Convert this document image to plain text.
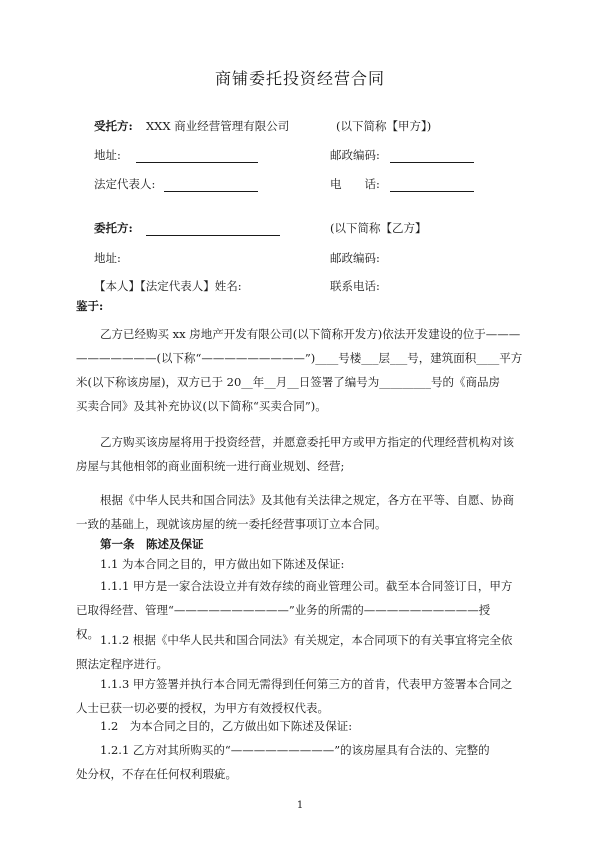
商铺委托投资经营合同
受托方: XXX 商业经营管理有限公司	(以下简称【甲方】)
地址:	邮政编码:
法定代表人:	电　　话:
委托方:	(以下简称【乙方】
地址:	邮政编码:
【本人】【法定代表人】姓名:	联系电话:
鉴于:
乙方已经购买 xx 房地产开发有限公司(以下简称开发方)依法开发建设的位于———
———————(以下称“—————————”)____号楼___层___号，建筑面积____平方
米(以下称该房屋)，双方已于 20__年__月__日签署了编号为_________号的《商品房
买卖合同》及其补充协议(以下简称“买卖合同”)。
乙方购买该房屋将用于投资经营，并愿意委托甲方或甲方指定的代理经营机构对该
房屋与其他相邻的商业面积统一进行商业规划、经营;
根据《中华人民共和国合同法》及其他有关法律之规定，各方在平等、自愿、协商
一致的基础上，现就该房屋的统一委托经营事项订立本合同。
第一条　陈述及保证
1.1 为本合同之目的，甲方做出如下陈述及保证:
1.1.1 甲方是一家合法设立并有效存续的商业管理公司。截至本合同签订日，甲方
已取得经营、管理“——————————”业务的所需的——————————授
权。 1.1.2 根据《中华人民共和国合同法》有关规定，本合同项下的有关事宜将完全依
照法定程序进行。
1.1.3 甲方签署并执行本合同无需得到任何第三方的首肯，代表甲方签署本合同之
人士已获一切必要的授权，为甲方有效授权代表。
1.2　为本合同之目的，乙方做出如下陈述及保证:
1.2.1 乙方对其所购买的“—————————”的该房屋具有合法的、完整的
处分权，不存在任何权利瑕疵。
1
